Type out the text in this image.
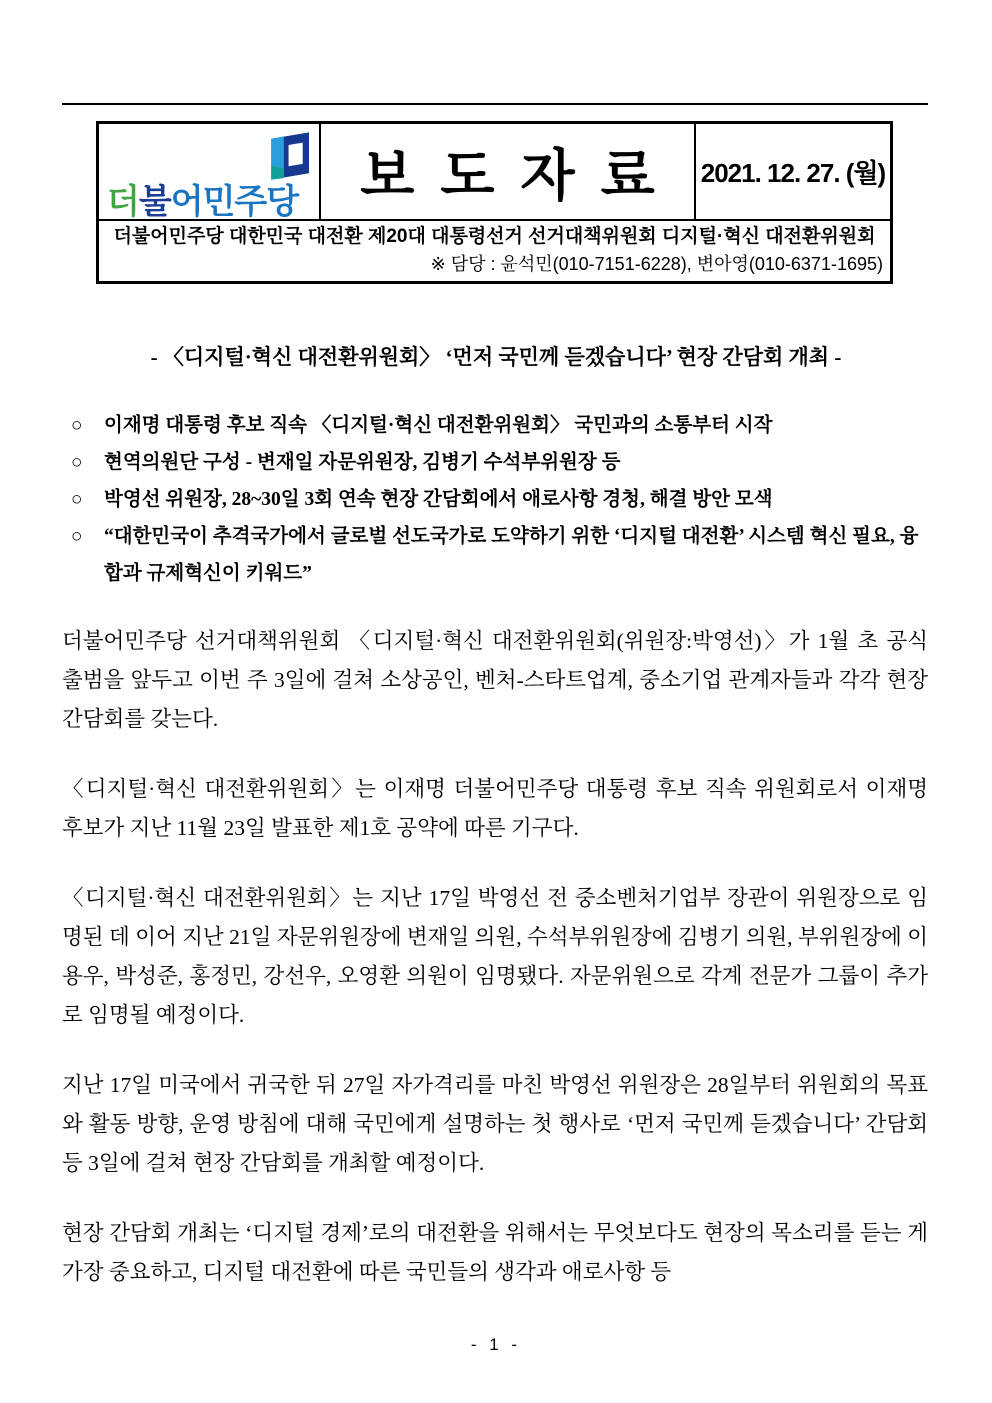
더불어민주당 보도자료 2021. 12. 27. (월)
더불어민주당 대한민국 대전환 제20대 대통령선거 선거대책위원회 디지털·혁신 대전환위원회
※ 담당 : 윤석민(010-7151-6228), 변아영(010-6371-1695)
- 〈디지털·혁신 대전환위원회〉 ‘먼저 국민께 듣겠습니다’ 현장 간담회 개최 -
○	이재명 대통령 후보 직속 〈디지털·혁신 대전환위원회〉 국민과의 소통부터 시작
○	현역의원단 구성 - 변재일 자문위원장, 김병기 수석부위원장 등
○	박영선 위원장, 28~30일 3회 연속 현장 간담회에서 애로사항 경청, 해결 방안 모색
○	“대한민국이 추격국가에서 글로벌 선도국가로 도약하기 위한 ‘디지털 대전환’ 시스템 혁신 필요, 융합과 규제혁신이 키워드”

더불어민주당 선거대책위원회 〈디지털·혁신 대전환위원회(위원장:박영선)〉가 1월 초 공식 출범을 앞두고 이번 주 3일에 걸쳐 소상공인, 벤처-스타트업계, 중소기업 관계자들과 각각 현장 간담회를 갖는다.

〈디지털·혁신 대전환위원회〉는 이재명 더불어민주당 대통령 후보 직속 위원회로서 이재명 후보가 지난 11월 23일 발표한 제1호 공약에 따른 기구다.

〈디지털·혁신 대전환위원회〉는 지난 17일 박영선 전 중소벤처기업부 장관이 위원장으로 임명된 데 이어 지난 21일 자문위원장에 변재일 의원, 수석부위원장에 김병기 의원, 부위원장에 이용우, 박성준, 홍정민, 강선우, 오영환 의원이 임명됐다. 자문위원으로 각계 전문가 그룹이 추가로 임명될 예정이다.

지난 17일 미국에서 귀국한 뒤 27일 자가격리를 마친 박영선 위원장은 28일부터 위원회의 목표와 활동 방향, 운영 방침에 대해 국민에게 설명하는 첫 행사로 ‘먼저 국민께 듣겠습니다’ 간담회 등 3일에 걸쳐 현장 간담회를 개최할 예정이다.

현장 간담회 개최는 ‘디지털 경제’로의 대전환을 위해서는 무엇보다도 현장의 목소리를 듣는 게 가장 중요하고, 디지털 대전환에 따른 국민들의 생각과 애로사항 등

- 1 -
